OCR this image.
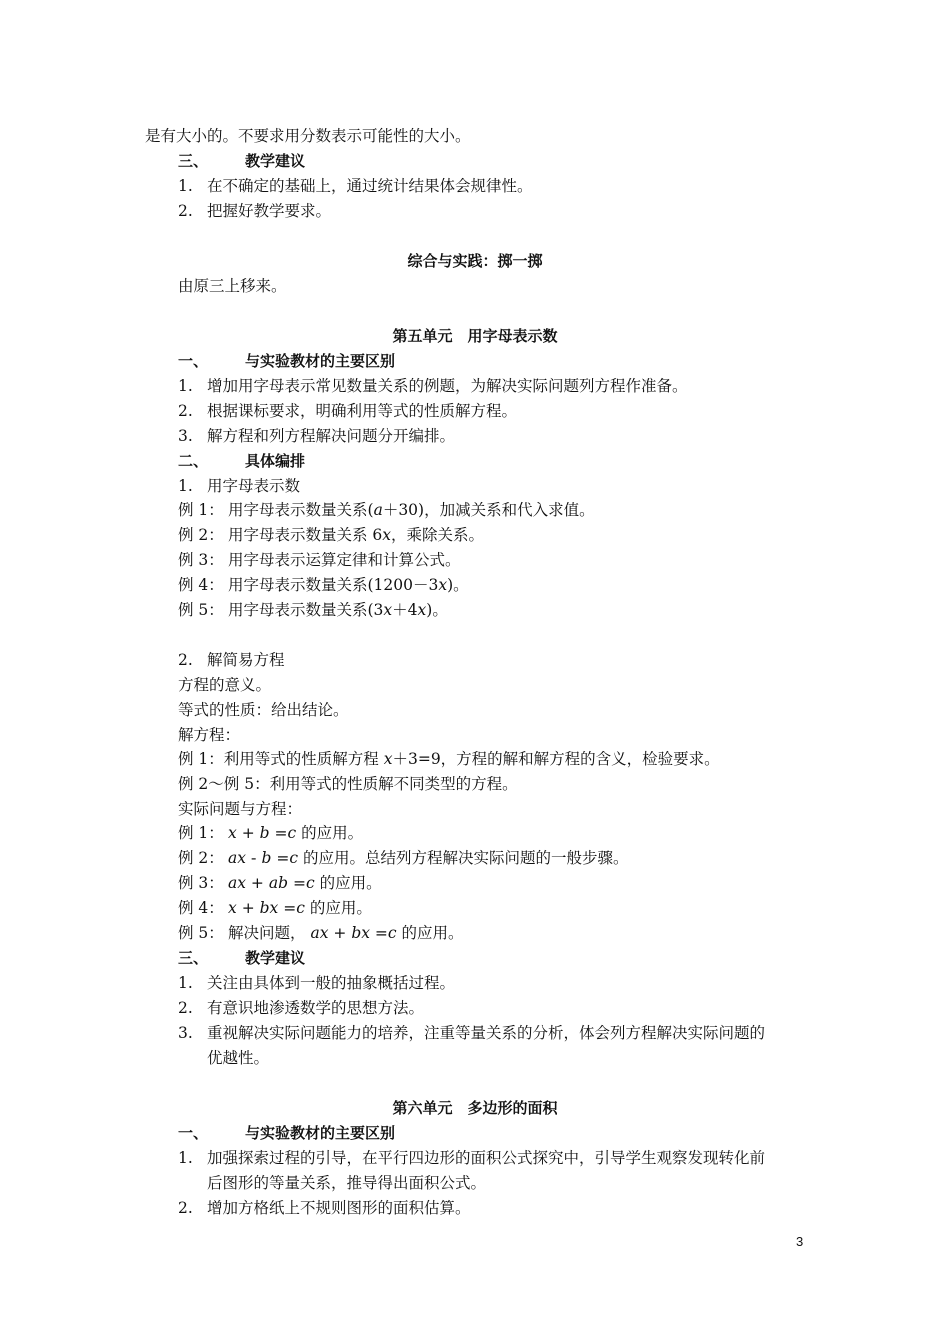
是有大小的。不要求用分数表示可能性的大小。
三、 教学建议
1. 在不确定的基础上，通过统计结果体会规律性。
2. 把握好教学要求。
综合与实践：掷一掷
由原三上移来。
第五单元　用字母表示数
一、 与实验教材的主要区别
1. 增加用字母表示常见数量关系的例题，为解决实际问题列方程作准备。
2. 根据课标要求，明确利用等式的性质解方程。
3. 解方程和列方程解决问题分开编排。
二、 具体编排
1. 用字母表示数
例 1： 用字母表示数量关系(a＋30)，加减关系和代入求值。
例 2： 用字母表示数量关系 6x，乘除关系。
例 3： 用字母表示运算定律和计算公式。
例 4： 用字母表示数量关系(1200－3x)。
例 5： 用字母表示数量关系(3x＋4x)。
2. 解简易方程
方程的意义。
等式的性质：给出结论。
解方程：
例 1：利用等式的性质解方程 x＋3=9，方程的解和解方程的含义，检验要求。
例 2～例 5：利用等式的性质解不同类型的方程。
实际问题与方程：
例 1： x + b =c 的应用。
例 2： ax - b =c 的应用。总结列方程解决实际问题的一般步骤。
例 3： ax + ab =c 的应用。
例 4： x + bx =c 的应用。
例 5： 解决问题， ax + bx =c 的应用。
三、 教学建议
1. 关注由具体到一般的抽象概括过程。
2. 有意识地渗透数学的思想方法。
3. 重视解决实际问题能力的培养，注重等量关系的分析，体会列方程解决实际问题的
优越性。
第六单元　多边形的面积
一、 与实验教材的主要区别
1. 加强探索过程的引导，在平行四边形的面积公式探究中，引导学生观察发现转化前
后图形的等量关系，推导得出面积公式。
2. 增加方格纸上不规则图形的面积估算。
3
